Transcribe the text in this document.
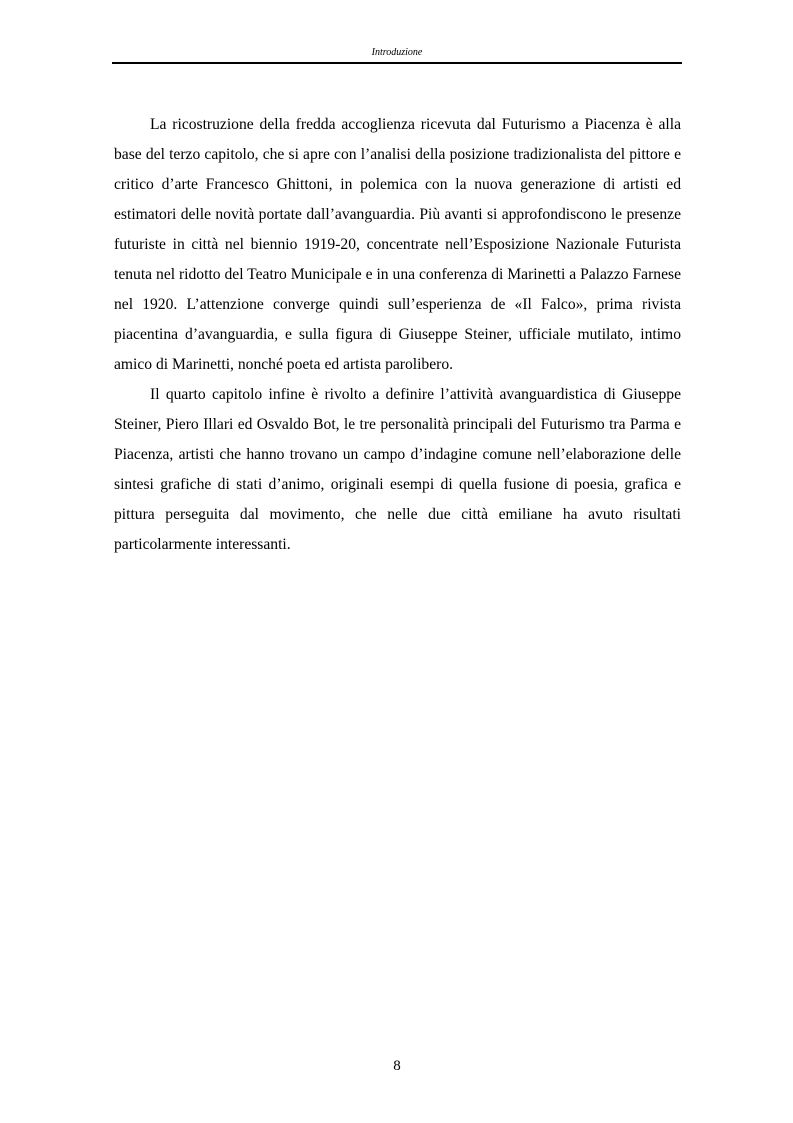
Introduzione

La ricostruzione della fredda accoglienza ricevuta dal Futurismo a Piacenza è alla base del terzo capitolo, che si apre con l’analisi della posizione tradizionalista del pittore e critico d’arte Francesco Ghittoni, in polemica con la nuova generazione di artisti ed estimatori delle novità portate dall’avanguardia. Più avanti si approfondiscono le presenze futuriste in città nel biennio 1919-20, concentrate nell’Esposizione Nazionale Futurista tenuta nel ridotto del Teatro Municipale e in una conferenza di Marinetti a Palazzo Farnese nel 1920. L’attenzione converge quindi sull’esperienza de «Il Falco», prima rivista piacentina d’avanguardia, e sulla figura di Giuseppe Steiner, ufficiale mutilato, intimo amico di Marinetti, nonché poeta ed artista parolibero.

Il quarto capitolo infine è rivolto a definire l’attività avanguardistica di Giuseppe Steiner, Piero Illari ed Osvaldo Bot, le tre personalità principali del Futurismo tra Parma e Piacenza, artisti che hanno trovano un campo d’indagine comune nell’elaborazione delle sintesi grafiche di stati d’animo, originali esempi di quella fusione di poesia, grafica e pittura perseguita dal movimento, che nelle due città emiliane ha avuto risultati particolarmente interessanti.

8
